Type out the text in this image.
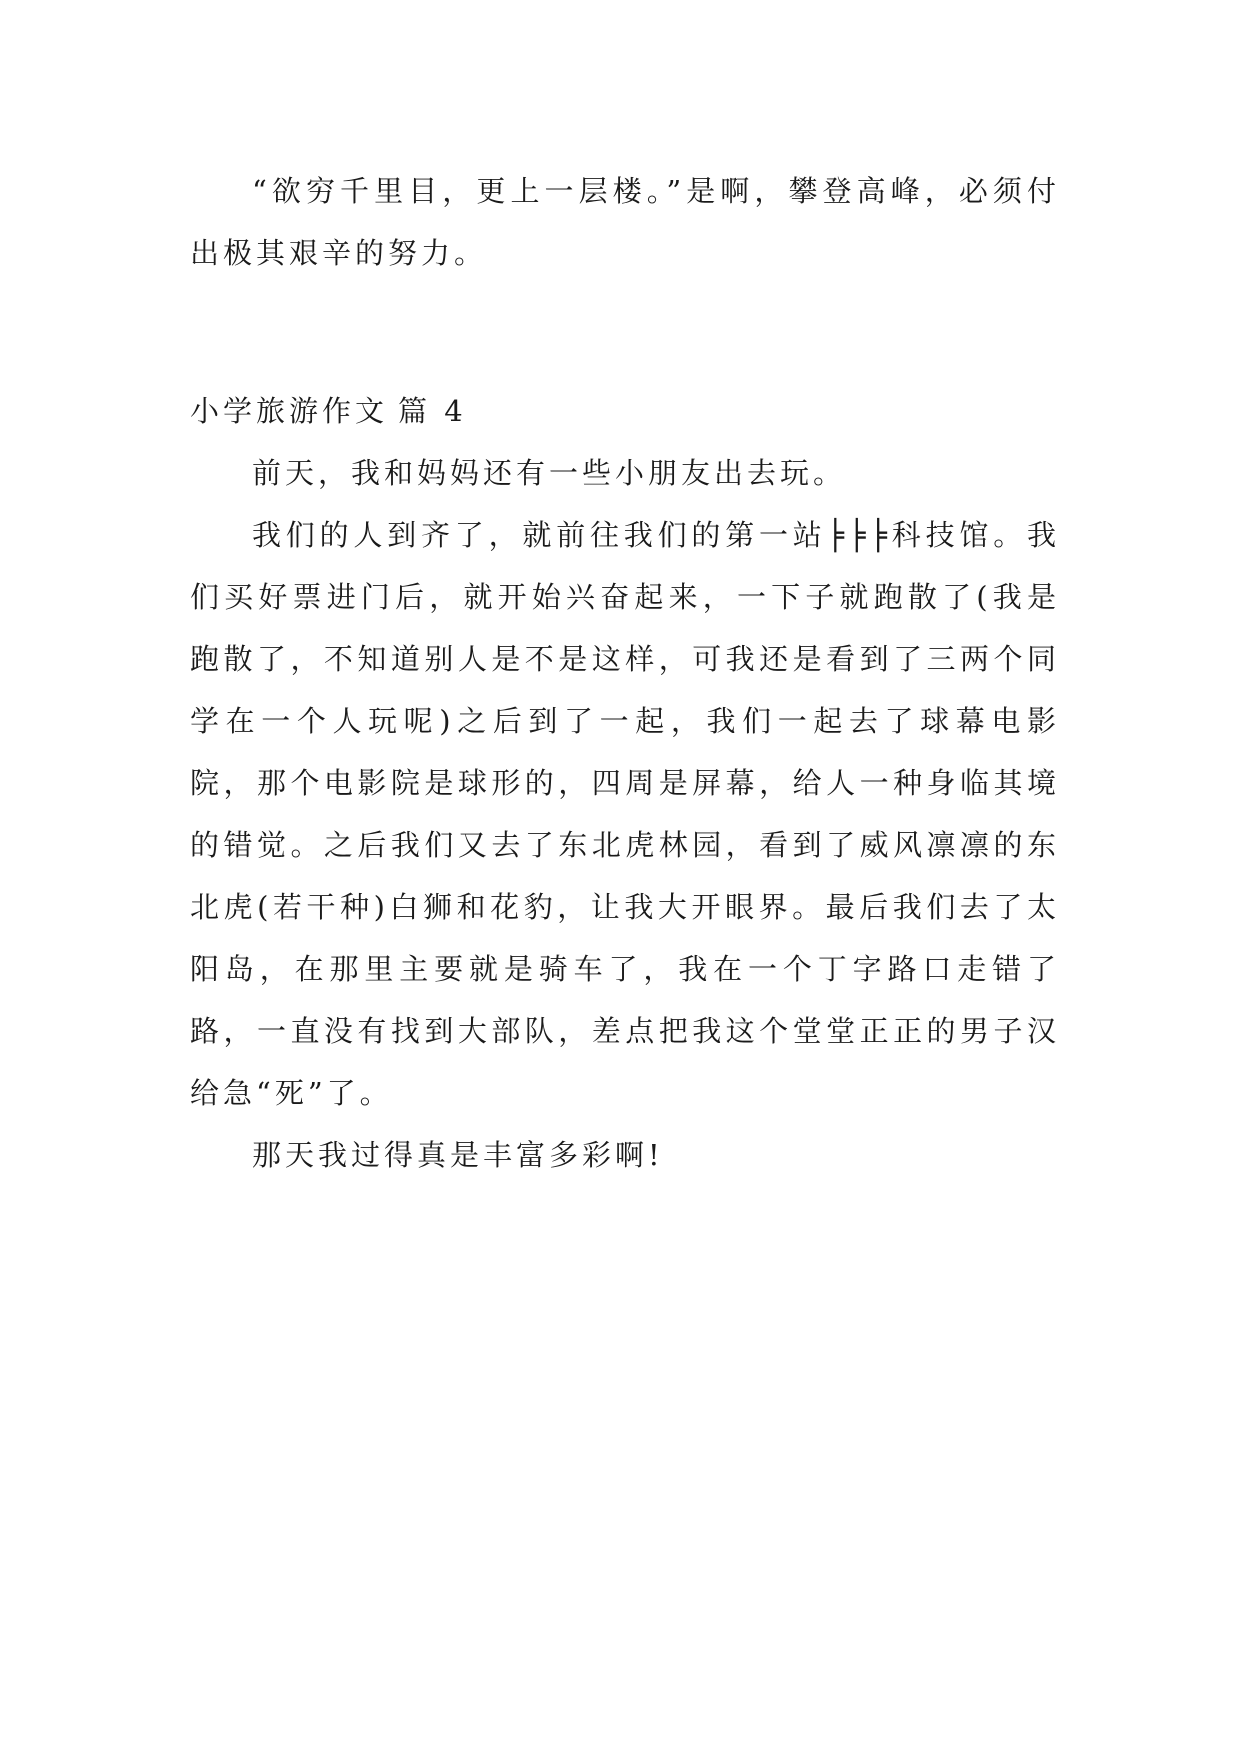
“欲穷千里目，更上一层楼。”是啊，攀登高峰，必须付出极其艰辛的努力。

小学旅游作文 篇 4

前天，我和妈妈还有一些小朋友出去玩。

我们的人到齐了，就前往我们的第一站╞╞╞科技馆。我们买好票进门后，就开始兴奋起来，一下子就跑散了(我是跑散了，不知道别人是不是这样，可我还是看到了三两个同学在一个人玩呢)之后到了一起，我们一起去了球幕电影院，那个电影院是球形的，四周是屏幕，给人一种身临其境的错觉。之后我们又去了东北虎林园，看到了威风凛凛的东北虎(若干种)白狮和花豹，让我大开眼界。最后我们去了太阳岛，在那里主要就是骑车了，我在一个丁字路口走错了路，一直没有找到大部队，差点把我这个堂堂正正的男子汉给急“死”了。

那天我过得真是丰富多彩啊!
